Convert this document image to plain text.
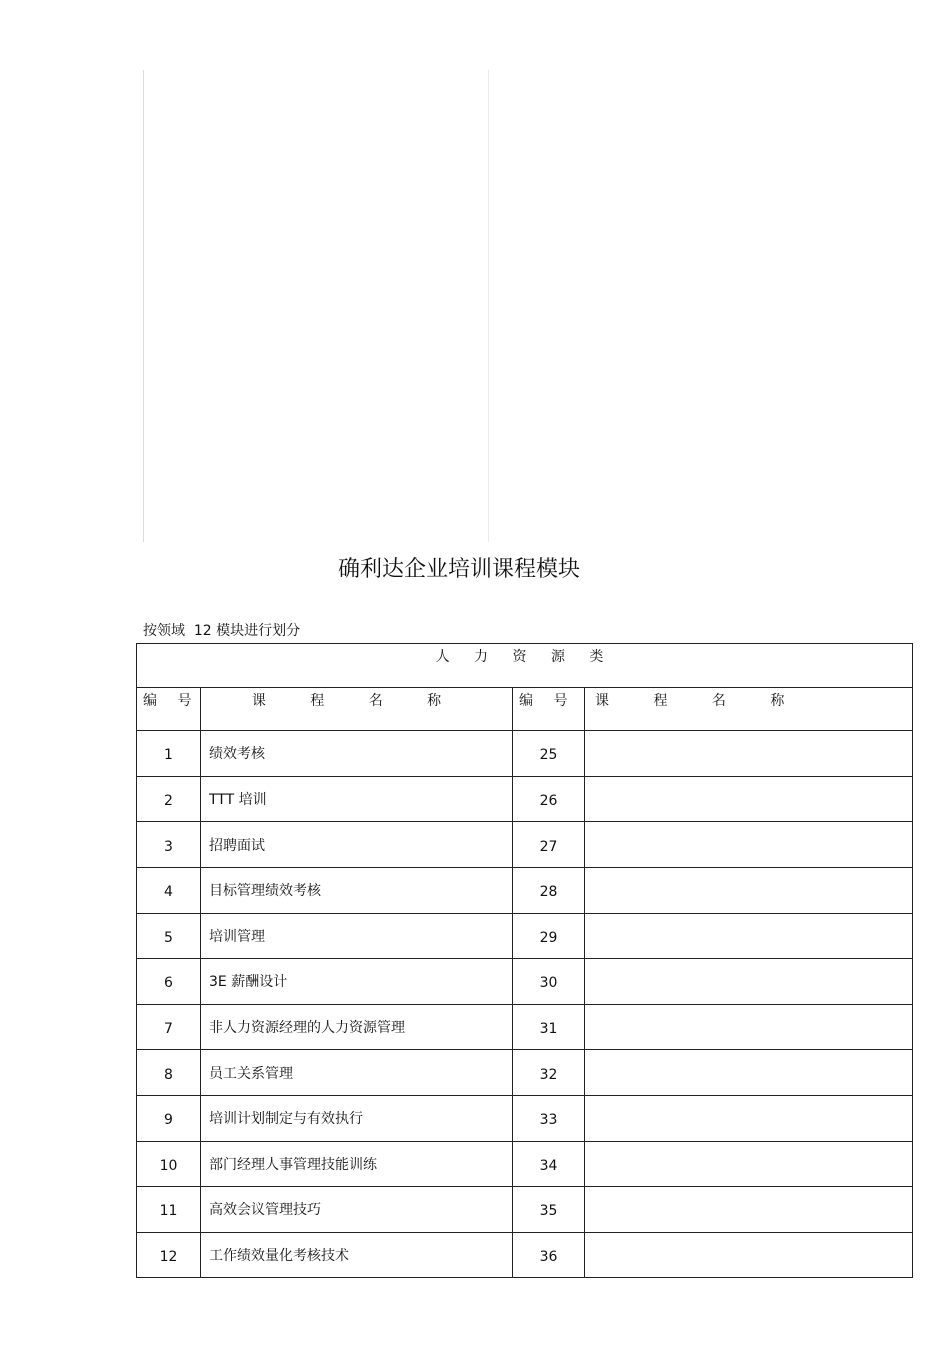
确利达企业培训课程模块
按领域  12 模块进行划分
人 力 资 源 类			
编 号	课 程 名 称	编 号	课 程 名 称
1	绩效考核	25	
2	TTT 培训	26	
3	招聘面试	27	
4	目标管理绩效考核	28	
5	培训管理	29	
6	3E 薪酬设计	30	
7	非人力资源经理的人力资源管理	31	
8	员工关系管理	32	
9	培训计划制定与有效执行	33	
10	部门经理人事管理技能训练	34	
11	高效会议管理技巧	35	
12	工作绩效量化考核技术	36	
